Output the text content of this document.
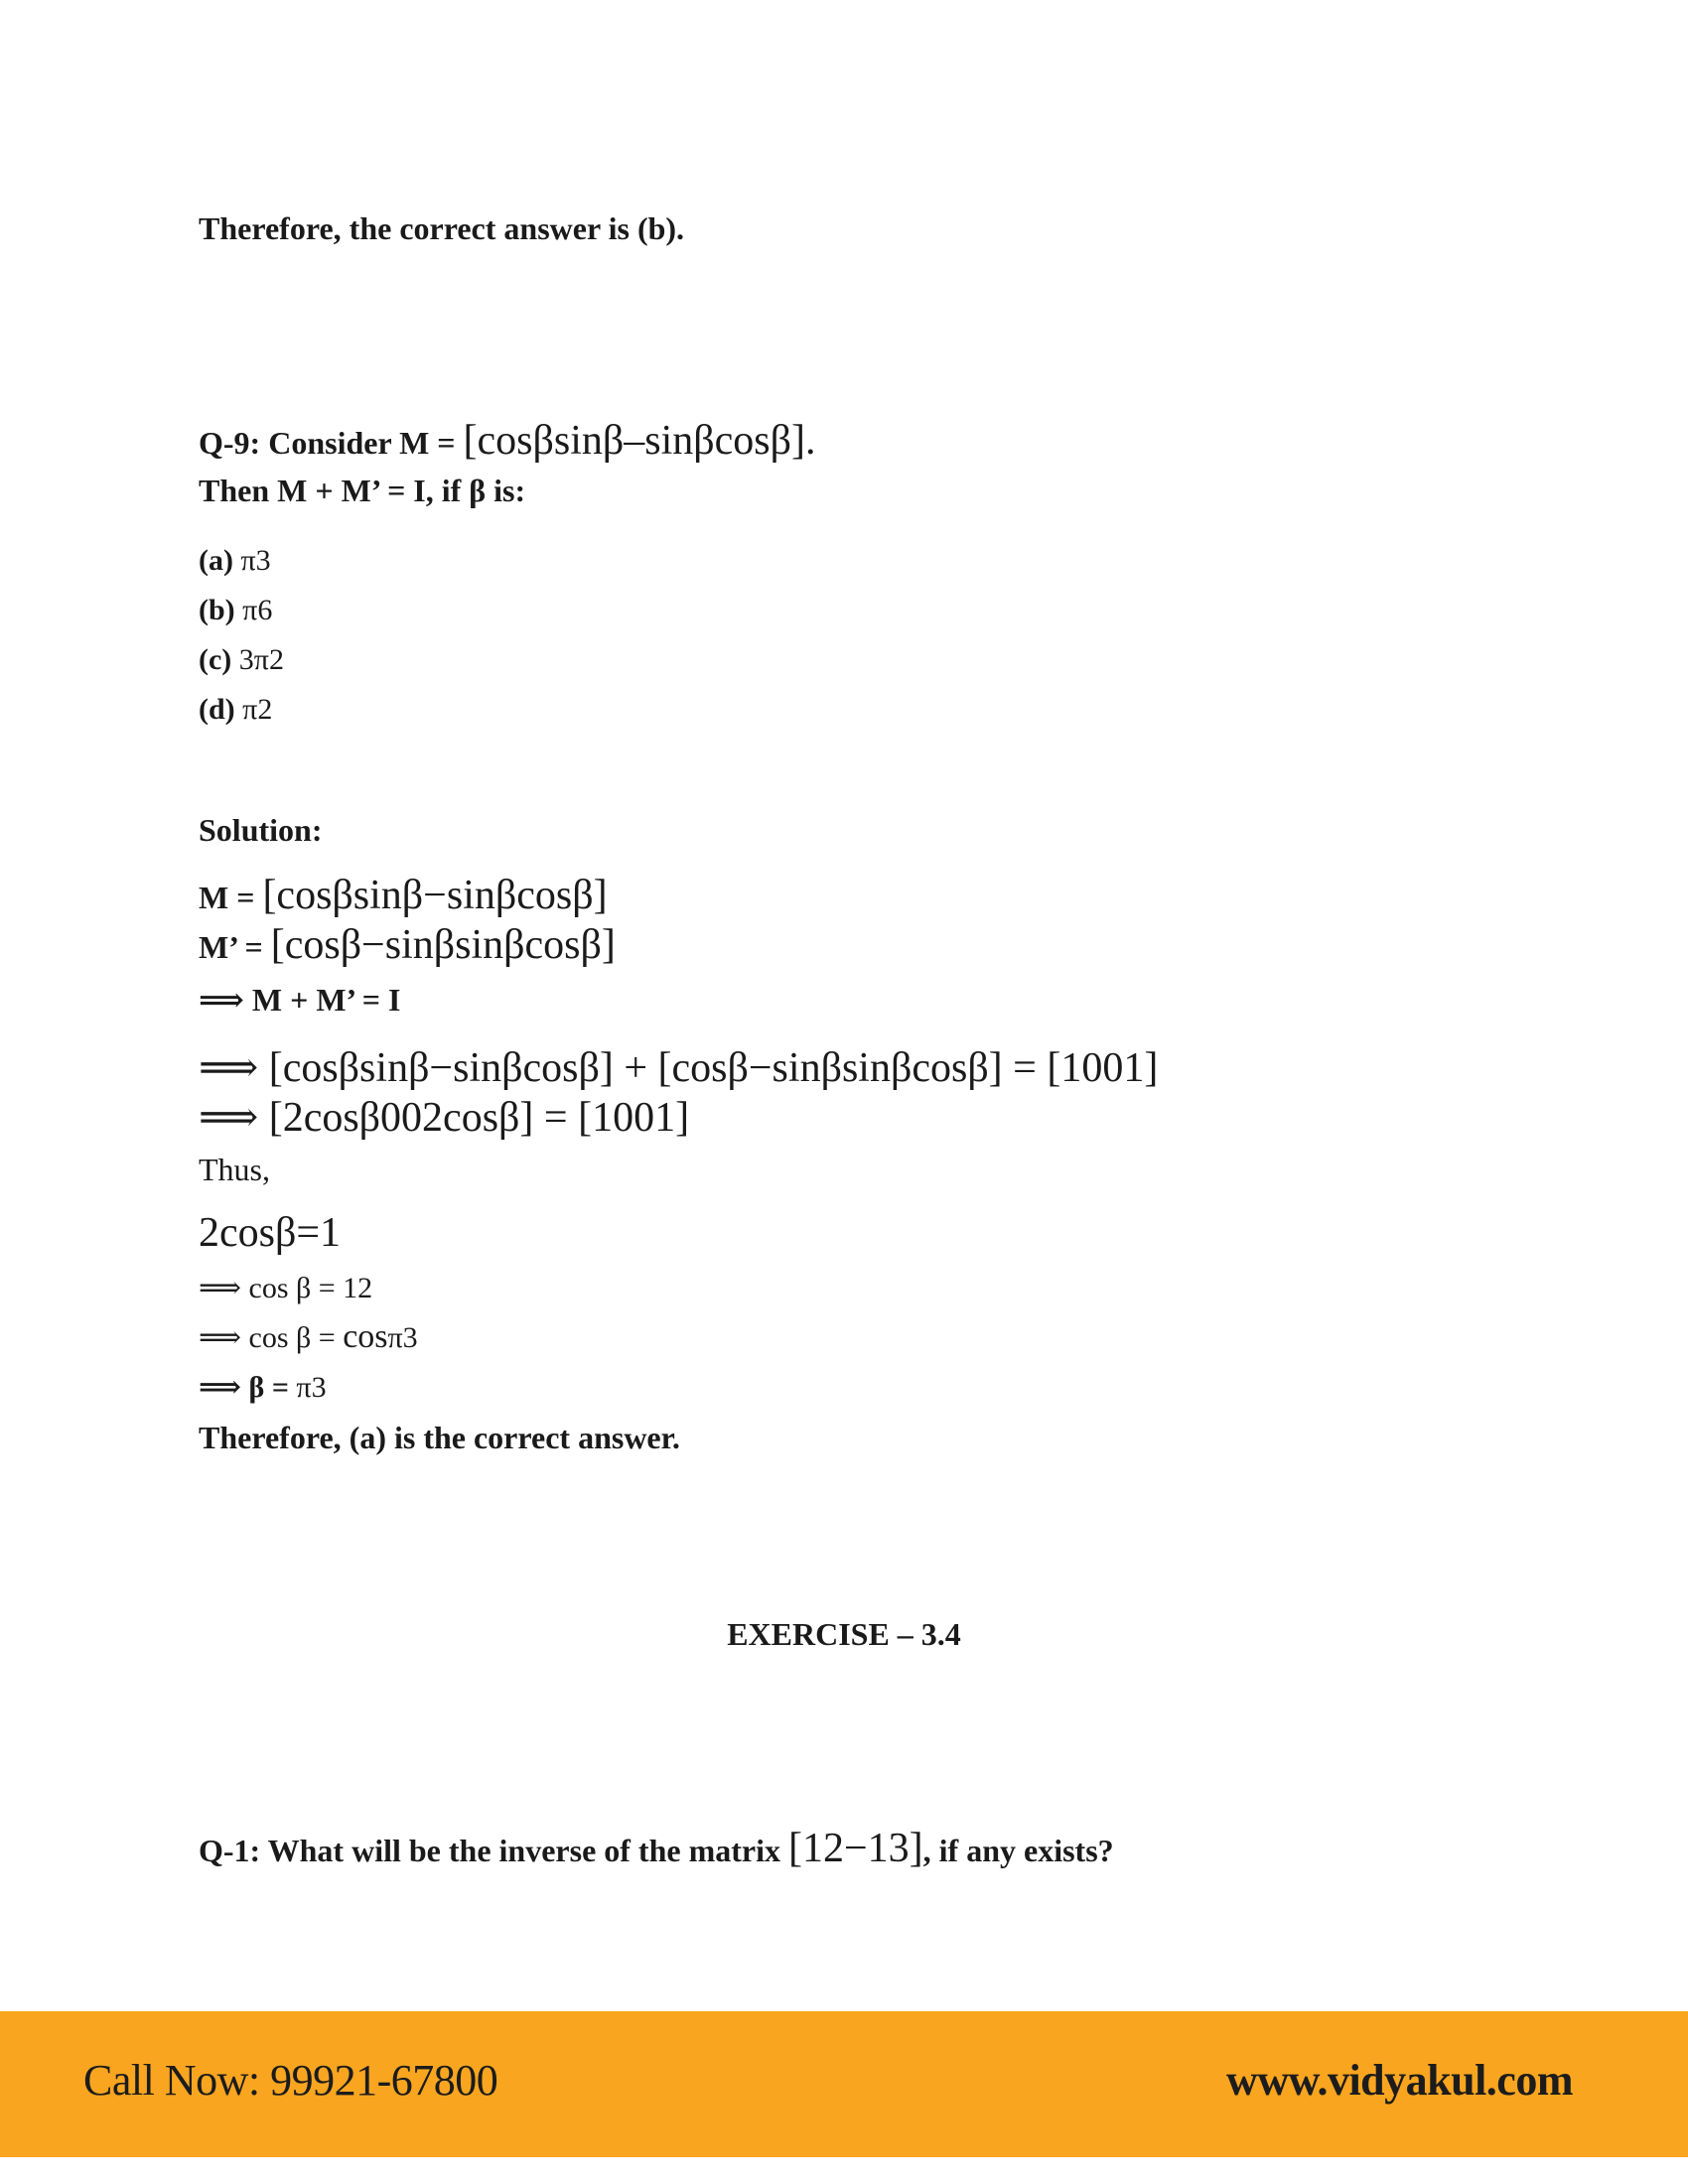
Therefore, the correct answer is (b).
Q-9: Consider M = [cosβsinβ–sinβcosβ].
Then M + M’ = I, if β is:
(a) π3
(b) π6
(c) 3π2
(d) π2
Solution:
M = [cosβsinβ−sinβcosβ]
M’ = [cosβ−sinβsinβcosβ]
⟹ M + M’ = I
⟹ [cosβsinβ−sinβcosβ] + [cosβ−sinβsinβcosβ] = [1001]
⟹ [2cosβ002cosβ] = [1001]
Thus,
2cosβ=1
⟹ cos β = 12
⟹ cos β = cosπ3
⟹ β = π3
Therefore, (a) is the correct answer.
EXERCISE – 3.4
Q-1: What will be the inverse of the matrix [12−13], if any exists?
Call Now: 99921-67800	www.vidyakul.com
